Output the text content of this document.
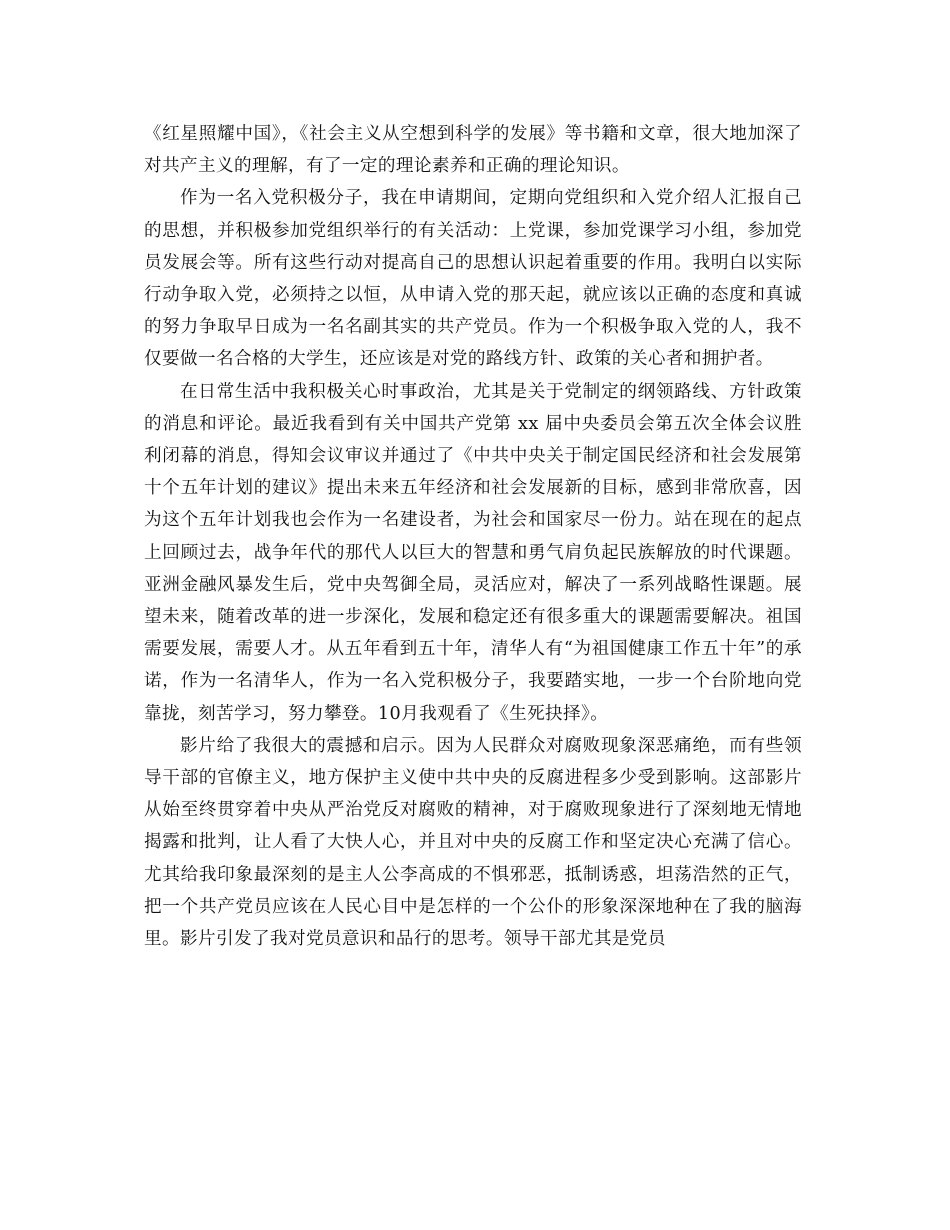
《红星照耀中国》，《社会主义从空想到科学的发展》等书籍和文章，很大地加深了对共产主义的理解，有了一定的理论素养和正确的理论知识。

作为一名入党积极分子，我在申请期间，定期向党组织和入党介绍人汇报自己的思想，并积极参加党组织举行的有关活动：上党课，参加党课学习小组，参加党员发展会等。所有这些行动对提高自己的思想认识起着重要的作用。我明白以实际行动争取入党，必须持之以恒，从申请入党的那天起，就应该以正确的态度和真诚的努力争取早日成为一名名副其实的共产党员。作为一个积极争取入党的人，我不仅要做一名合格的大学生，还应该是对党的路线方针、政策的关心者和拥护者。

在日常生活中我积极关心时事政治，尤其是关于党制定的纲领路线、方针政策的消息和评论。最近我看到有关中国共产党第 xx 届中央委员会第五次全体会议胜利闭幕的消息，得知会议审议并通过了《中共中央关于制定国民经济和社会发展第十个五年计划的建议》提出未来五年经济和社会发展新的目标，感到非常欣喜，因为这个五年计划我也会作为一名建设者，为社会和国家尽一份力。站在现在的起点上回顾过去，战争年代的那代人以巨大的智慧和勇气肩负起民族解放的时代课题。亚洲金融风暴发生后，党中央驾御全局，灵活应对，解决了一系列战略性课题。展望未来，随着改革的进一步深化，发展和稳定还有很多重大的课题需要解决。祖国需要发展，需要人才。从五年看到五十年，清华人有“为祖国健康工作五十年”的承诺，作为一名清华人，作为一名入党积极分子，我要踏实地，一步一个台阶地向党靠拢，刻苦学习，努力攀登。10月我观看了《生死抉择》。

影片给了我很大的震撼和启示。因为人民群众对腐败现象深恶痛绝，而有些领导干部的官僚主义，地方保护主义使中共中央的反腐进程多少受到影响。这部影片从始至终贯穿着中央从严治党反对腐败的精神，对于腐败现象进行了深刻地无情地揭露和批判，让人看了大快人心，并且对中央的反腐工作和坚定决心充满了信心。尤其给我印象最深刻的是主人公李高成的不惧邪恶，抵制诱惑，坦荡浩然的正气，把一个共产党员应该在人民心目中是怎样的一个公仆的形象深深地种在了我的脑海里。影片引发了我对党员意识和品行的思考。领导干部尤其是党员
